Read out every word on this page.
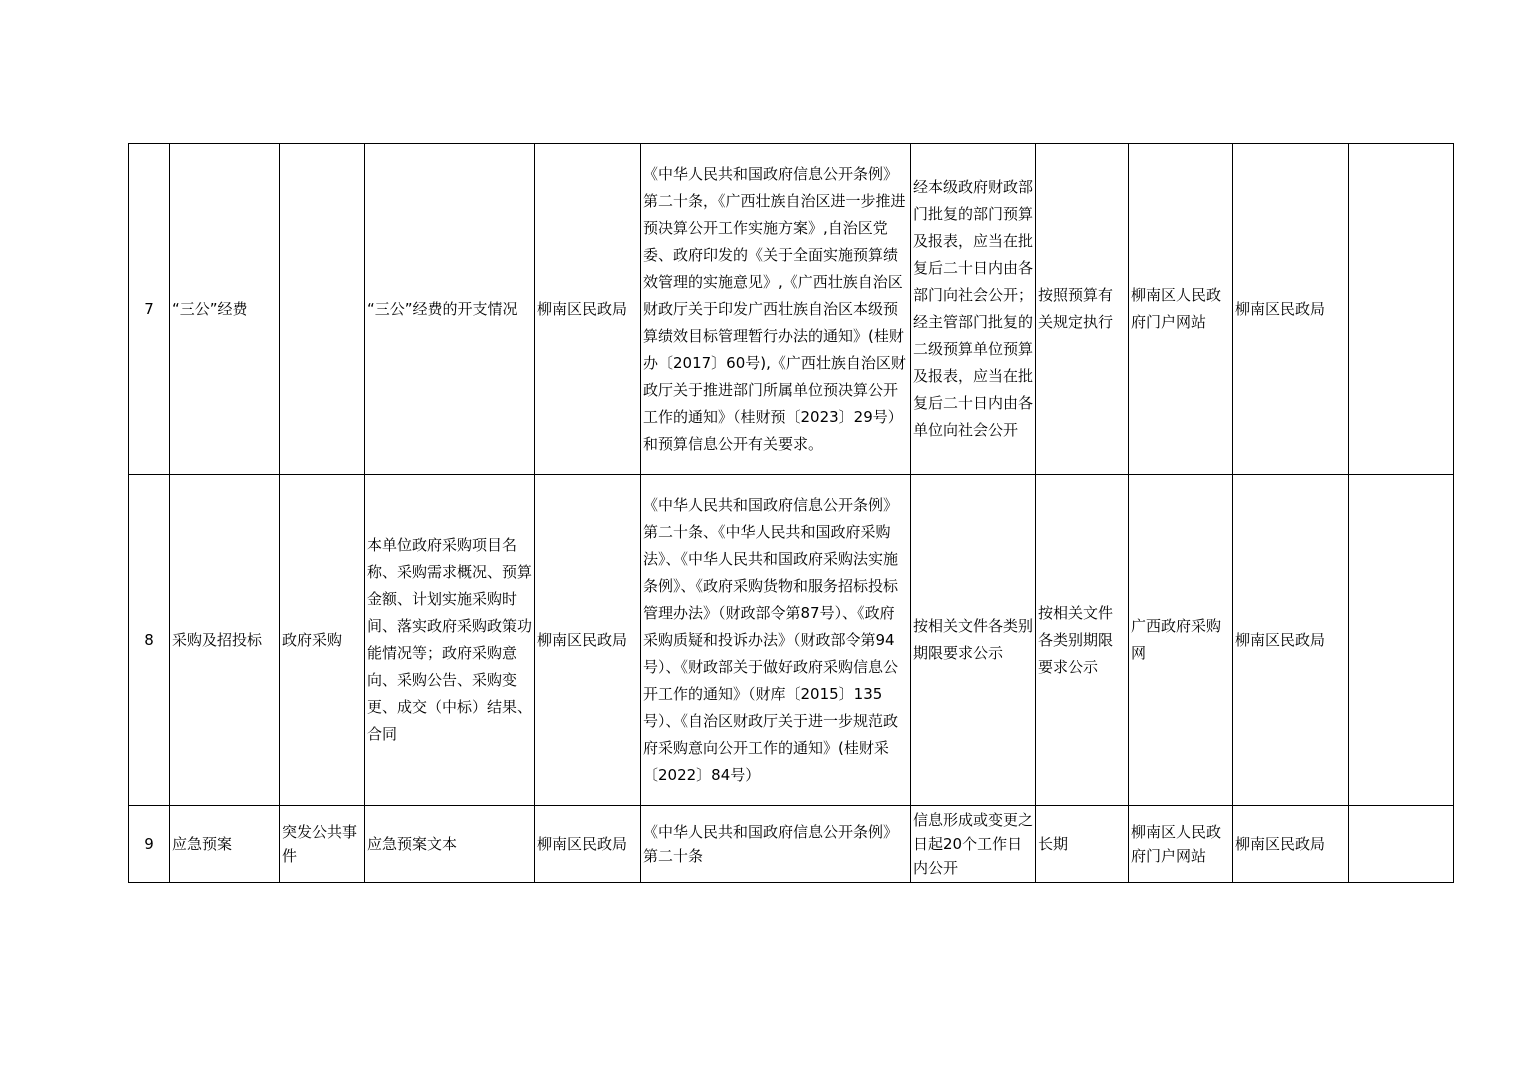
7	“三公”经费		“三公”经费的开支情况	柳南区民政局	《中华人民共和国政府信息公开条例》第二十条，《广西壮族自治区进一步推进预决算公开工作实施方案》,自治区党委、政府印发的《关于全面实施预算绩效管理的实施意见》,《广西壮族自治区财政厅关于印发广西壮族自治区本级预算绩效目标管理暂行办法的通知》(桂财办〔2017〕60号),《广西壮族自治区财政厅关于推进部门所属单位预决算公开工作的通知》（桂财预〔2023〕29号）和预算信息公开有关要求。	经本级政府财政部门批复的部门预算及报表，应当在批复后二十日内由各部门向社会公开；经主管部门批复的二级预算单位预算及报表，应当在批复后二十日内由各单位向社会公开	按照预算有关规定执行	柳南区人民政府门户网站	柳南区民政局	
8	采购及招投标	政府采购	本单位政府采购项目名称、采购需求概况、预算金额、计划实施采购时间、落实政府采购政策功能情况等；政府采购意向、采购公告、采购变更、成交（中标）结果、合同	柳南区民政局	《中华人民共和国政府信息公开条例》第二十条、《中华人民共和国政府采购法》、《中华人民共和国政府采购法实施条例》、《政府采购货物和服务招标投标管理办法》（财政部令第87号）、《政府采购质疑和投诉办法》（财政部令第94号）、《财政部关于做好政府采购信息公开工作的通知》（财库〔2015〕135 号）、《自治区财政厅关于进一步规范政府采购意向公开工作的通知》(桂财采〔2022〕84号）	按相关文件各类别期限要求公示	按相关文件各类别期限要求公示	广西政府采购网	柳南区民政局	
9	应急预案	突发公共事件	应急预案文本	柳南区民政局	《中华人民共和国政府信息公开条例》第二十条	信息形成或变更之日起20个工作日内公开	长期	柳南区人民政府门户网站	柳南区民政局	
